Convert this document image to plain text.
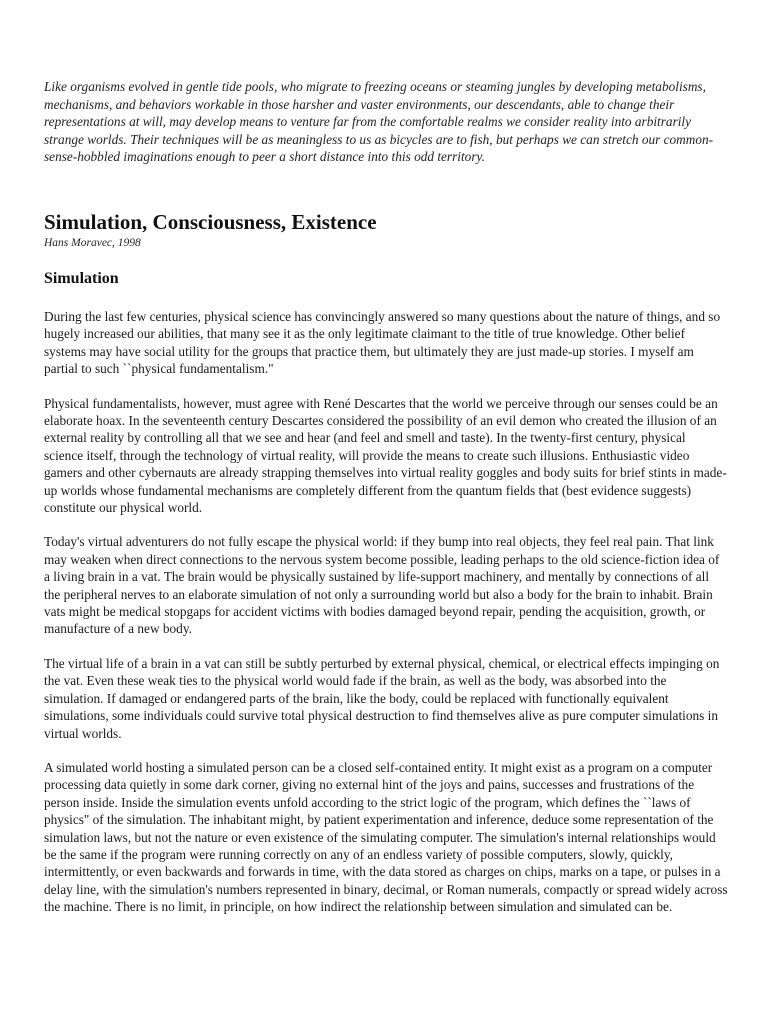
Like organisms evolved in gentle tide pools, who migrate to freezing oceans or steaming jungles by developing metabolisms, mechanisms, and behaviors workable in those harsher and vaster environments, our descendants, able to change their representations at will, may develop means to venture far from the comfortable realms we consider reality into arbitrarily strange worlds. Their techniques will be as meaningless to us as bicycles are to fish, but perhaps we can stretch our common-sense-hobbled imaginations enough to peer a short distance into this odd territory.

Simulation, Consciousness, Existence

Hans Moravec, 1998

Simulation

During the last few centuries, physical science has convincingly answered so many questions about the nature of things, and so hugely increased our abilities, that many see it as the only legitimate claimant to the title of true knowledge. Other belief systems may have social utility for the groups that practice them, but ultimately they are just made-up stories. I myself am partial to such ``physical fundamentalism."

Physical fundamentalists, however, must agree with René Descartes that the world we perceive through our senses could be an elaborate hoax. In the seventeenth century Descartes considered the possibility of an evil demon who created the illusion of an external reality by controlling all that we see and hear (and feel and smell and taste). In the twenty-first century, physical science itself, through the technology of virtual reality, will provide the means to create such illusions. Enthusiastic video gamers and other cybernauts are already strapping themselves into virtual reality goggles and body suits for brief stints in made-up worlds whose fundamental mechanisms are completely different from the quantum fields that (best evidence suggests) constitute our physical world.

Today's virtual adventurers do not fully escape the physical world: if they bump into real objects, they feel real pain. That link may weaken when direct connections to the nervous system become possible, leading perhaps to the old science-fiction idea of a living brain in a vat. The brain would be physically sustained by life-support machinery, and mentally by connections of all the peripheral nerves to an elaborate simulation of not only a surrounding world but also a body for the brain to inhabit. Brain vats might be medical stopgaps for accident victims with bodies damaged beyond repair, pending the acquisition, growth, or manufacture of a new body.

The virtual life of a brain in a vat can still be subtly perturbed by external physical, chemical, or electrical effects impinging on the vat. Even these weak ties to the physical world would fade if the brain, as well as the body, was absorbed into the simulation. If damaged or endangered parts of the brain, like the body, could be replaced with functionally equivalent simulations, some individuals could survive total physical destruction to find themselves alive as pure computer simulations in virtual worlds.

A simulated world hosting a simulated person can be a closed self-contained entity. It might exist as a program on a computer processing data quietly in some dark corner, giving no external hint of the joys and pains, successes and frustrations of the person inside. Inside the simulation events unfold according to the strict logic of the program, which defines the ``laws of physics" of the simulation. The inhabitant might, by patient experimentation and inference, deduce some representation of the simulation laws, but not the nature or even existence of the simulating computer. The simulation's internal relationships would be the same if the program were running correctly on any of an endless variety of possible computers, slowly, quickly, intermittently, or even backwards and forwards in time, with the data stored as charges on chips, marks on a tape, or pulses in a delay line, with the simulation's numbers represented in binary, decimal, or Roman numerals, compactly or spread widely across the machine. There is no limit, in principle, on how indirect the relationship between simulation and simulated can be.
